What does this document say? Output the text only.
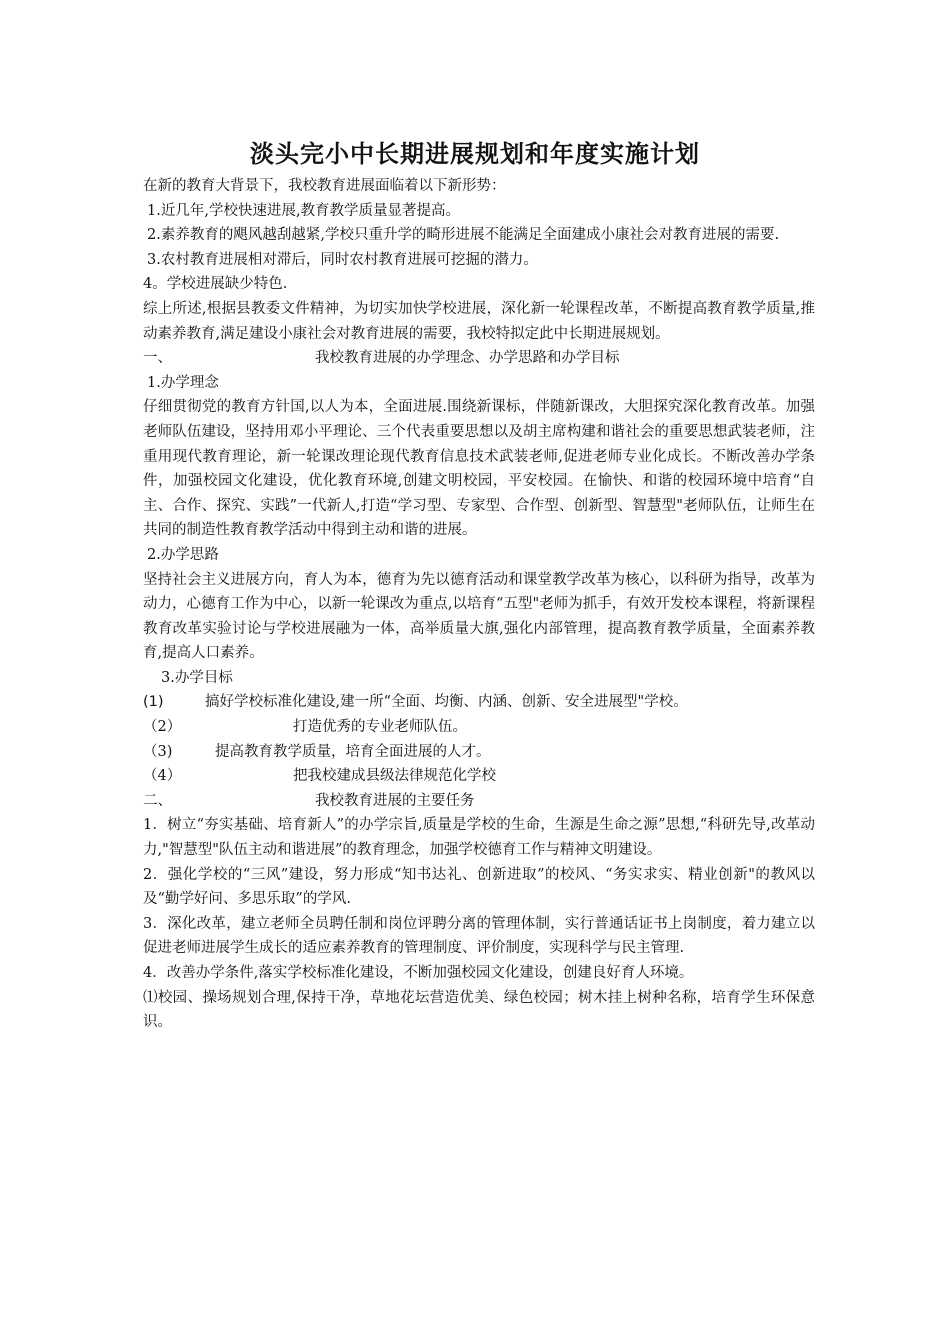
淡头完小中长期进展规划和年度实施计划

在新的教育大背景下，我校教育进展面临着以下新形势：

1.近几年,学校快速进展,教育教学质量显著提高。

2.素养教育的飓风越刮越紧,学校只重升学的畸形进展不能满足全面建成小康社会对教育进展的需要.

3.农村教育进展相对滞后，同时农村教育进展可挖掘的潜力。

4。学校进展缺少特色.

综上所述,根据县教委文件精神，为切实加快学校进展，深化新一轮课程改革，不断提高教育教学质量,推动素养教育,满足建设小康社会对教育进展的需要，我校特拟定此中长期进展规划。

一、	我校教育进展的办学理念、办学思路和办学目标

1.办学理念

仔细贯彻党的教育方针国,以人为本，全面进展.围绕新课标，伴随新课改，大胆探究深化教育改革。加强老师队伍建设，坚持用邓小平理论、三个代表重要思想以及胡主席构建和谐社会的重要思想武装老师，注重用现代教育理论，新一轮课改理论现代教育信息技术武装老师,促进老师专业化成长。不断改善办学条件，加强校园文化建设，优化教育环境,创建文明校园，平安校园。在愉快、和谐的校园环境中培育“自主、合作、探究、实践”一代新人,打造“学习型、专家型、合作型、创新型、智慧型"老师队伍，让师生在共同的制造性教育教学活动中得到主动和谐的进展。

2.办学思路

坚持社会主义进展方向，育人为本，德育为先以德育活动和课堂教学改革为核心，以科研为指导，改革为动力，心德育工作为中心，以新一轮课改为重点,以培育“五型"老师为抓手，有效开发校本课程，将新课程教育改革实验讨论与学校进展融为一体，高举质量大旗,强化内部管理，提高教育教学质量，全面素养教育,提高人口素养。

3.办学目标

(1)	搞好学校标准化建设,建一所“全面、均衡、内涵、创新、安全进展型"学校。
（2）	打造优秀的专业老师队伍。
（3)	提高教育教学质量，培育全面进展的人才。
（4）	把我校建成县级法律规范化学校
二、	我校教育进展的主要任务

1．树立“夯实基础、培育新人”的办学宗旨,质量是学校的生命，生源是生命之源”思想,“科研先导,改革动力,"智慧型"队伍主动和谐进展”的教育理念，加强学校德育工作与精神文明建设。

2．强化学校的“三风”建设，努力形成“知书达礼、创新进取”的校风、“务实求实、精业创新"的教风以及“勤学好问、多思乐取”的学风.

3．深化改革，建立老师全员聘任制和岗位评聘分离的管理体制，实行普通话证书上岗制度，着力建立以促进老师进展学生成长的适应素养教育的管理制度、评价制度，实现科学与民主管理.

4．改善办学条件,落实学校标准化建设，不断加强校园文化建设，创建良好育人环境。

⑴校园、操场规划合理,保持干净，草地花坛营造优美、绿色校园；树木挂上树种名称，培育学生环保意识。
